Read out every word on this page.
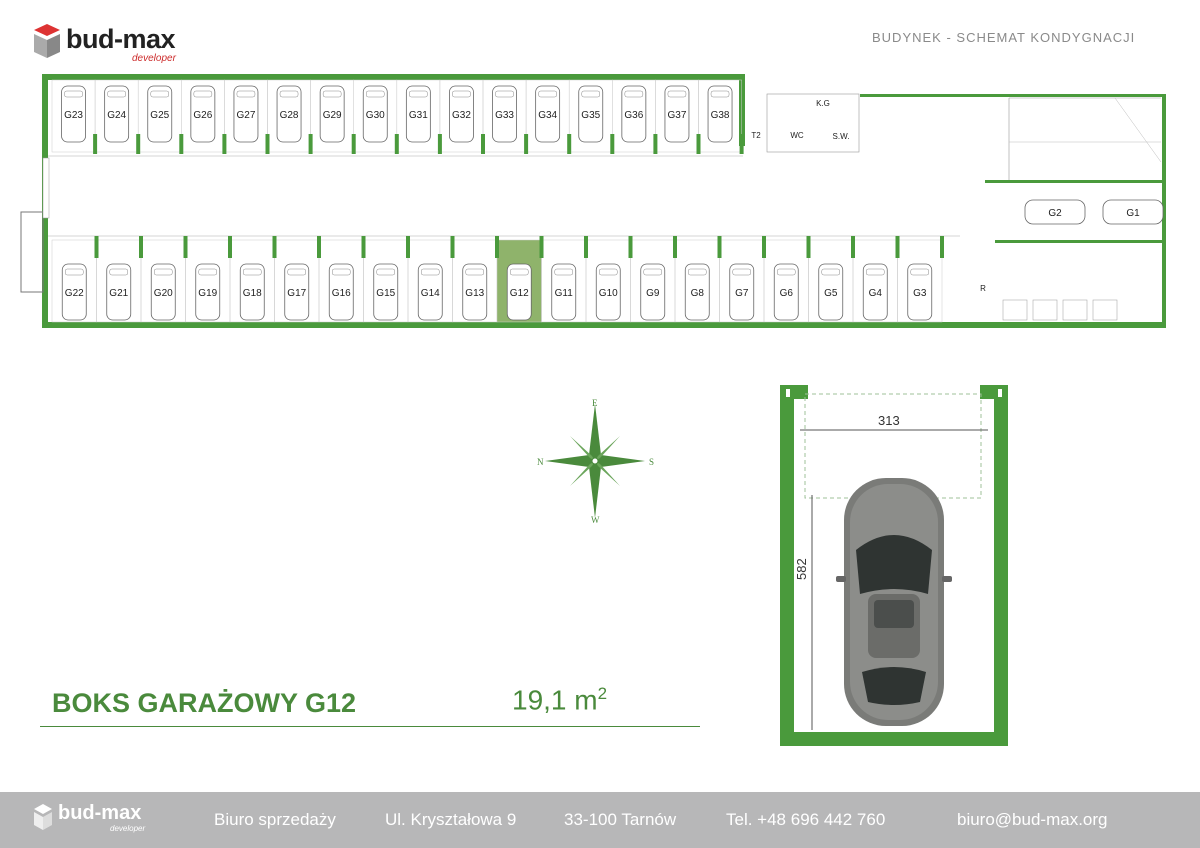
bud-max
developer
BUDYNEK - SCHEMAT KONDYGNACJI
G23 G24 G25 G26 G27 G28 G29 G30 G31 G32 G33 G34 G35 G36 G37 G38
G22	G21	G20	G19	G18	G17	G16	G15	G14	G13	G12	G11	G10	G9	G8	G7	G6	G5	G4	G3
G2	G1
K.G
S.W.
WC
T2
R
N	S
E
W
313
582
BOKS GARAŻOWY G12	19,1 $m^2$
bud-max
developer	Biuro sprzedaży	Ul. Kryształowa 9	33-100 Tarnów	Tel. +48 696 442 760	biuro@bud-max.org
